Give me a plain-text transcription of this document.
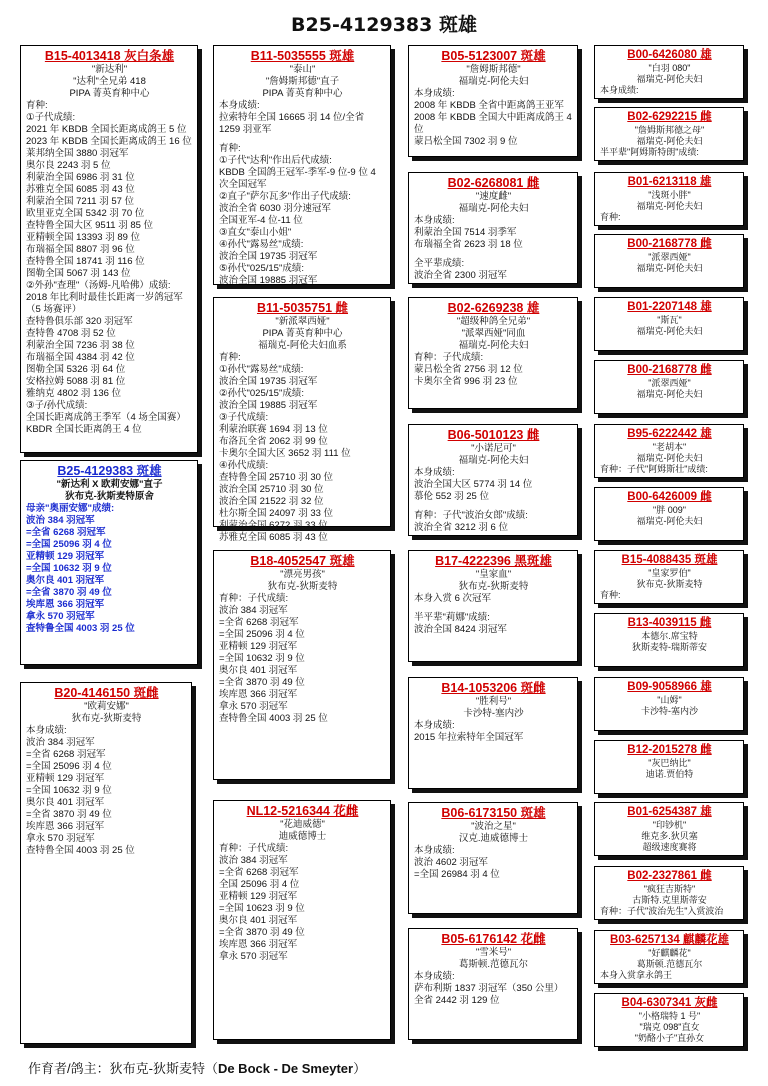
B25-4129383 斑雄
B15-4013418 灰白条雄
"新达利"
"达利"全兄弟 418
PIPA 菁英育种中心
育种:
①子代成绩:
2021 年 KBDB 全国长距离成鸽王 5 位
2023 年 KBDB 全国长距离成鸽王 16 位
莱邦纳全国 3880 羽冠军
奥尔良 2243 羽 5 位
利蒙治全国 6986 羽 31 位
苏雅克全国 6085 羽 43 位
利蒙治全国 7211 羽 57 位
欧里亚克全国 5342 羽 70 位
查特鲁全国大区 9511 羽 85 位
亚精顿全国 13393 羽 89 位
布瑞福全国 8807 羽 96 位
查特鲁全国 18741 羽 116 位
图勒全国 5067 羽 143 位
②外孙"查理"（汤姆-凡哈佛）成绩:
2018 年比利时最佳长距离一岁鸽冠军（5 场赛评）
查特鲁俱乐部 320 羽冠军
查特鲁 4708 羽 52 位
利蒙治全国 7236 羽 38 位
布瑞福全国 4384 羽 42 位
图勒全国 5326 羽 64 位
安格拉姆 5088 羽 81 位
雅纳克 4802 羽 136 位
③子/孙代成绩:
全国长距离成鸽王季军（4 场全国赛）
KBDR 全国长距离鸽王 4 位
B25-4129383 斑雄
"新达利 X 欧莉安娜"直子
狄布克-狄斯麦特原舍
母亲"奥丽安娜"成绩:
波治 384 羽冠军
=全省 6268 羽冠军
=全国 25096 羽 4 位
亚精顿 129 羽冠军
=全国 10632 羽 9 位
奥尔良 401 羽冠军
=全省 3870 羽 49 位
埃库恩 366 羽冠军
拿永 570 羽冠军
查特鲁全国 4003 羽 25 位
B20-4146150 斑雌
"欧莉安娜"
狄布克-狄斯麦特
本身成绩:
波治 384 羽冠军
=全省 6268 羽冠军
=全国 25096 羽 4 位
亚精顿 129 羽冠军
=全国 10632 羽 9 位
奥尔良 401 羽冠军
=全省 3870 羽 49 位
埃库恩 366 羽冠军
拿永 570 羽冠军
查特鲁全国 4003 羽 25 位
B11-5035555 斑雄
"泰山"
"詹姆斯邦德"直子
PIPA 菁英育种中心
本身成绩:
拉索特年全国 16665 羽 14 位/全省 1259 羽亚军
育种:
①子代"达利"作出后代成绩:
KBDB 全国鸽王冠军-季军-9 位-9 位 4 次全国冠军
②直子"萨尔瓦多"作出子代成绩:
波治全省 6030 羽分速冠军
全国亚军-4 位-11 位
③直女"泰山小姐"
④孙代"露易丝"成绩:
波治全国 19735 羽冠军
⑤孙代"025/15"成绩:
波治全国 19885 羽冠军
B11-5035751 雌
"新派翠西娅"
PIPA 菁英育种中心
福瑞克-阿伦夫妇血系
育种:
①孙代"露易丝"成绩:
波治全国 19735 羽冠军
②孙代"025/15"成绩:
波治全国 19885 羽冠军
③子代成绩:
利蒙治联赛 1694 羽 13 位
布洛瓦全省 2062 羽 99 位
卡奥尔全国大区 3652 羽 111 位
④孙代成绩:
查特鲁全国 25710 羽 30 位
波治全国 25710 羽 30 位
波治全国 21522 羽 32 位
杜尔斯全国 24097 羽 33 位
利蒙治全国 6272 羽 33 位
苏雅克全国 6085 羽 43 位
B18-4052547 斑雄
"漂亮男孩"
狄布克-狄斯麦特
育种：子代成绩:
波治 384 羽冠军
=全省 6268 羽冠军
=全国 25096 羽 4 位
亚精顿 129 羽冠军
=全国 10632 羽 9 位
奥尔良 401 羽冠军
=全省 3870 羽 49 位
埃库恩 366 羽冠军
拿永 570 羽冠军
查特鲁全国 4003 羽 25 位
NL12-5216344 花雌
"花迪威德"
迪威德博士
育种：子代成绩:
波治 384 羽冠军
=全省 6268 羽冠军
全国 25096 羽 4 位
亚精顿 129 羽冠军
=全国 10623 羽 9 位
奥尔良 401 羽冠军
=全省 3870 羽 49 位
埃库恩 366 羽冠军
拿永 570 羽冠军
B05-5123007 斑雄
"詹姆斯邦德"
福瑞克-阿伦夫妇
本身成绩:
2008 年 KBDB 全省中距离鸽王亚军
2008 年 KBDB 全国大中距离成鸽王 4 位
蒙吕松全国 7302 羽 9 位
B02-6268081 雌
"速度雌"
福瑞克-阿伦夫妇
本身成绩:
利蒙治全国 7514 羽季军
布瑞福全省 2623 羽 18 位
全平辈成绩:
波治全省 2300 羽冠军
B02-6269238 雄
"超级种鸽全兄弟"
"派翠西娅"同血
福瑞克-阿伦夫妇
育种：子代成绩:
蒙吕松全省 2756 羽 12 位
卡奥尔全省 996 羽 23 位
B06-5010123 雌
"小诺尼可"
福瑞克-阿伦夫妇
本身成绩:
波治全国大区 5774 羽 14 位
慕伦 552 羽 25 位
育种：子代"波治女郎"成绩:
波治全省 3212 羽 6 位
B17-4222396 黑斑雄
"皇家血"
狄布克-狄斯麦特
本身入赏 6 次冠军
半平辈"莉娜"成绩:
波治全国 8424 羽冠军
B14-1053206 斑雌
"胜利号"
卡沙特-塞内沙
本身成绩:
2015 年拉索特年全国冠军
B06-6173150 斑雄
"波治之星"
汉克.迪威德博士
本身成绩:
波治 4602 羽冠军
=全国 26984 羽 4 位
B05-6176142 花雌
"雪米号"
葛斯顿.范德瓦尔
本身成绩:
萨布利斯 1837 羽冠军（350 公里）
全省 2442 羽 129 位
B00-6426080 雄
"白羽 080"
福瑞克-阿伦夫妇
本身成绩:
B02-6292215 雌
"詹姆斯邦德之母"
福瑞克-阿伦夫妇
半平辈"阿姆斯特朗"成绩:
B01-6213118 雄
"浅斑小胖"
福瑞克-阿伦夫妇
育种:
B00-2168778 雌
"派翠西娅"
福瑞克-阿伦夫妇
B01-2207148 雄
"斯瓦"
福瑞克-阿伦夫妇
B00-2168778 雌
"派翠西娅"
福瑞克-阿伦夫妇
B95-6222442 雄
"老胡本"
福瑞克-阿伦夫妇
育种：子代"阿姆斯壮"成绩:
B00-6426009 雌
"胖 009"
福瑞克-阿伦夫妇
B15-4088435 斑雄
"皇家罗伯"
狄布克-狄斯麦特
育种:
B13-4039115 雌
本德尔.席宝特
狄斯麦特-瑞斯蒂安
B09-9058966 雄
"山姆"
卡沙特-塞内沙
B12-2015278 雌
"灰巴纳比"
迪诺.贾伯特
B01-6254387 雄
"印钞机"
维克多.狄贝塞
超级速度赛将
B02-2327861 雌
"疯狂吉斯特"
古斯特.克里斯蒂安
育种：子代"波治先生"入赏波治
B03-6257134 麒麟花雄
"好麒麟花"
葛斯顿.范德瓦尔
本身入赏拿永鸽王
B04-6307341 灰雌
"小格瑞特 1 号"
"瑞克 098"直女
"奶酪小子"直孙女
作育者/鸽主：狄布克-狄斯麦特（De Bock - De Smeyter）
